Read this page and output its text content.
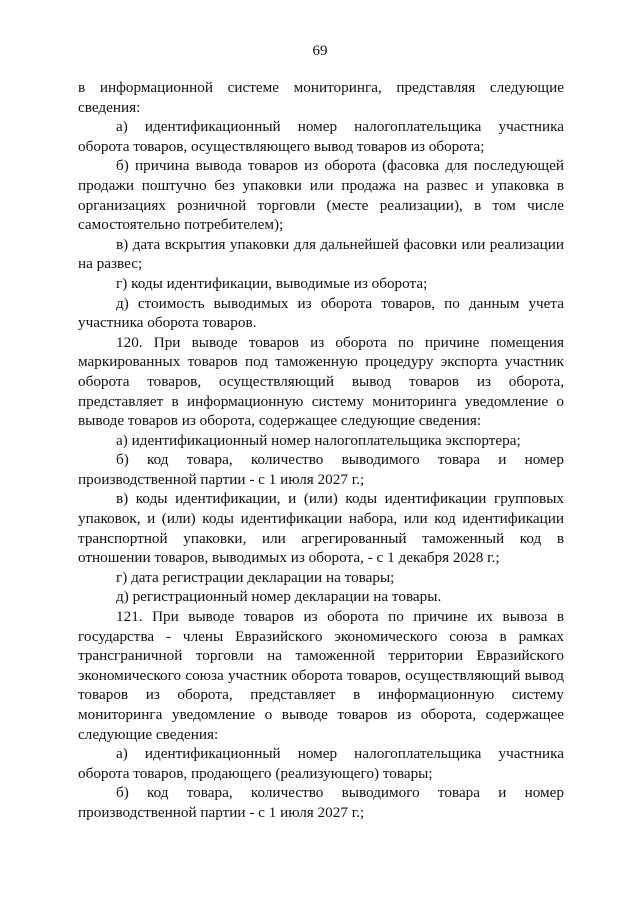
69

в информационной системе мониторинга, представляя следующие сведения:

а) идентификационный номер налогоплательщика участника оборота товаров, осуществляющего вывод товаров из оборота;

б) причина вывода товаров из оборота (фасовка для последующей продажи поштучно без упаковки или продажа на развес и упаковка в организациях розничной торговли (месте реализации), в том числе самостоятельно потребителем);

в) дата вскрытия упаковки для дальнейшей фасовки или реализации на развес;

г) коды идентификации, выводимые из оборота;

д) стоимость выводимых из оборота товаров, по данным учета участника оборота товаров.

120. При выводе товаров из оборота по причине помещения маркированных товаров под таможенную процедуру экспорта участник оборота товаров, осуществляющий вывод товаров из оборота, представляет в информационную систему мониторинга уведомление о выводе товаров из оборота, содержащее следующие сведения:

а) идентификационный номер налогоплательщика экспортера;

б) код товара, количество выводимого товара и номер производственной партии - с 1 июля 2027 г.;

в) коды идентификации, и (или) коды идентификации групповых упаковок, и (или) коды идентификации набора, или код идентификации транспортной упаковки, или агрегированный таможенный код в отношении товаров, выводимых из оборота, - с 1 декабря 2028 г.;

г) дата регистрации декларации на товары;

д) регистрационный номер декларации на товары.

121. При выводе товаров из оборота по причине их вывоза в государства - члены Евразийского экономического союза в рамках трансграничной торговли на таможенной территории Евразийского экономического союза участник оборота товаров, осуществляющий вывод товаров из оборота, представляет в информационную систему мониторинга уведомление о выводе товаров из оборота, содержащее следующие сведения:

а) идентификационный номер налогоплательщика участника оборота товаров, продающего (реализующего) товары;

б) код товара, количество выводимого товара и номер производственной партии - с 1 июля 2027 г.;
